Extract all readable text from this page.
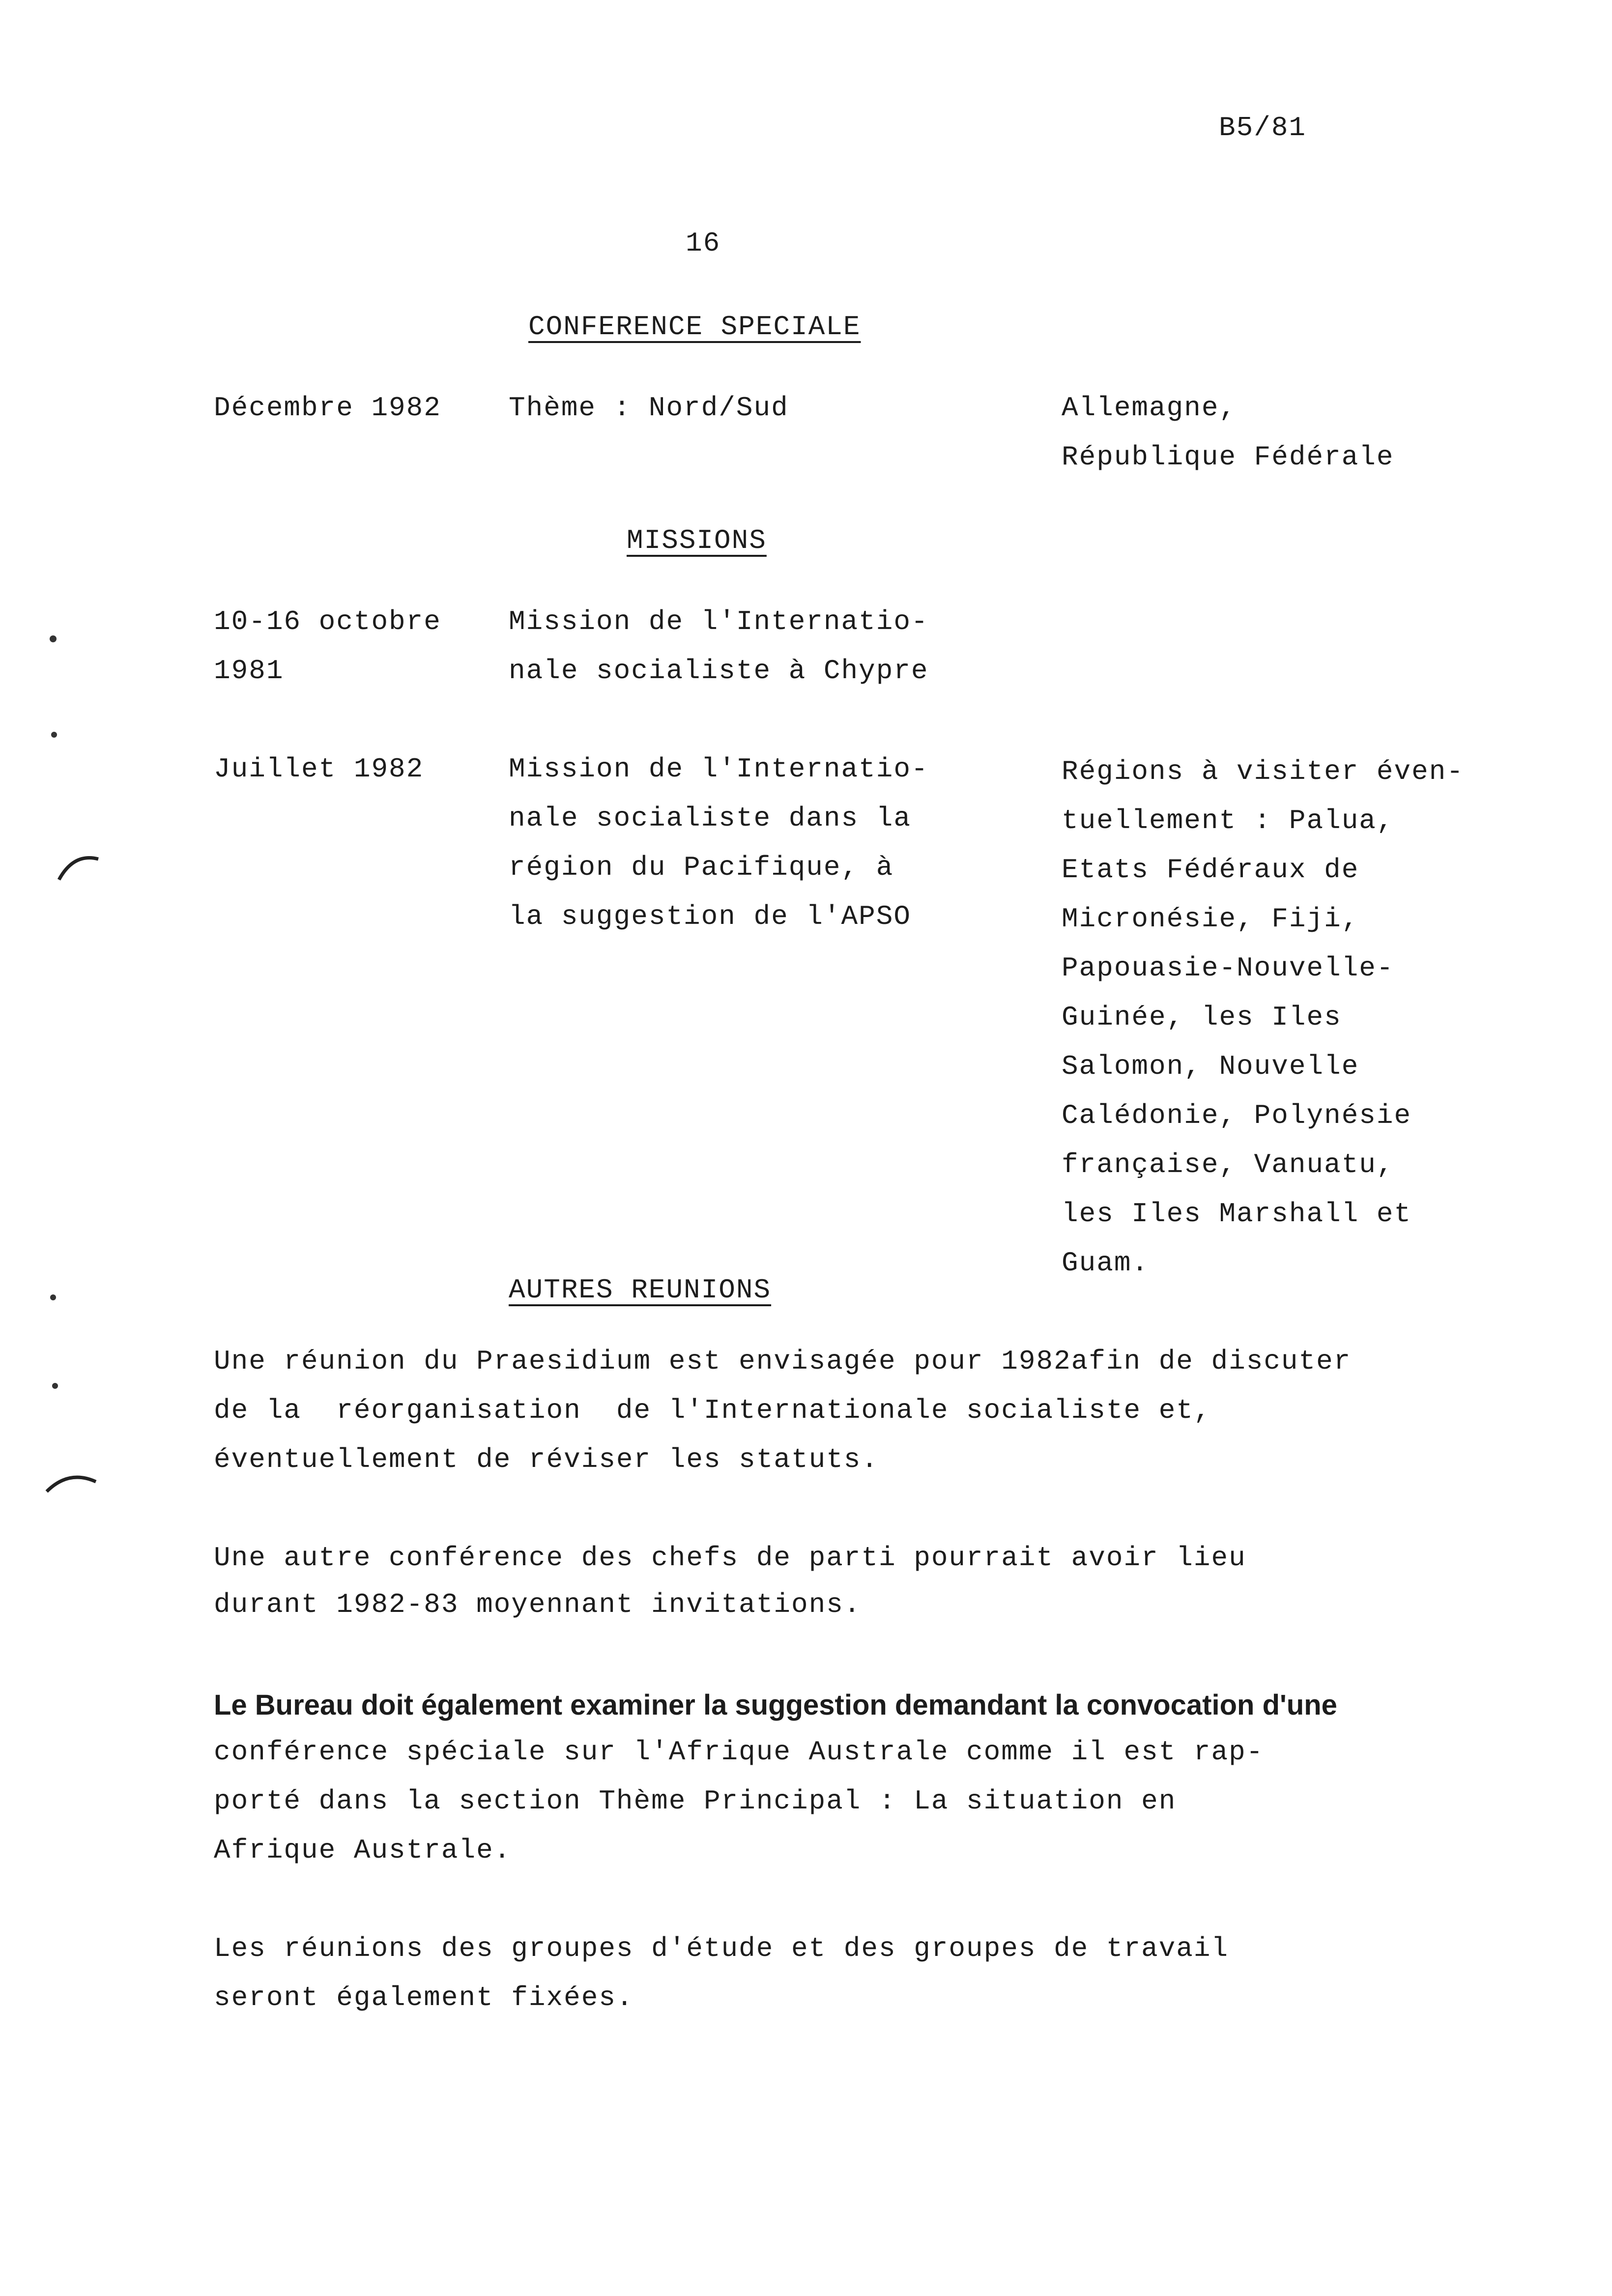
B5/81
16
CONFERENCE SPECIALE
Décembre 1982 Thème : Nord/Sud	Allemagne,
République Fédérale
MISSIONS
10-16 octobre
1981
Mission de l'Internatio-
nale socialiste à Chypre
Juillet 1982	Mission de l'Internatio-
nale socialiste dans la
région du Pacifique, à
la suggestion de l'APSO
Régions à visiter éven-
tuellement : Palua,
Etats Fédéraux de
Micronésie, Fiji,
Papouasie-Nouvelle-
Guinée, les Iles
Salomon, Nouvelle
Calédonie, Polynésie
française, Vanuatu,
les Iles Marshall et
Guam.
AUTRES REUNIONS
Une réunion du Praesidium est envisagée pour 1982afin de discuter
de la  réorganisation  de l'Internationale socialiste et,
éventuellement de réviser les statuts.
Une autre conférence des chefs de parti pourrait avoir lieu
durant 1982-83 moyennant invitations.
Le Bureau doit également examiner la suggestion demandant la convocation d'une
conférence spéciale sur l'Afrique Australe comme il est rap-
porté dans la section Thème Principal : La situation en
Afrique Australe.
Les réunions des groupes d'étude et des groupes de travail
seront également fixées.
